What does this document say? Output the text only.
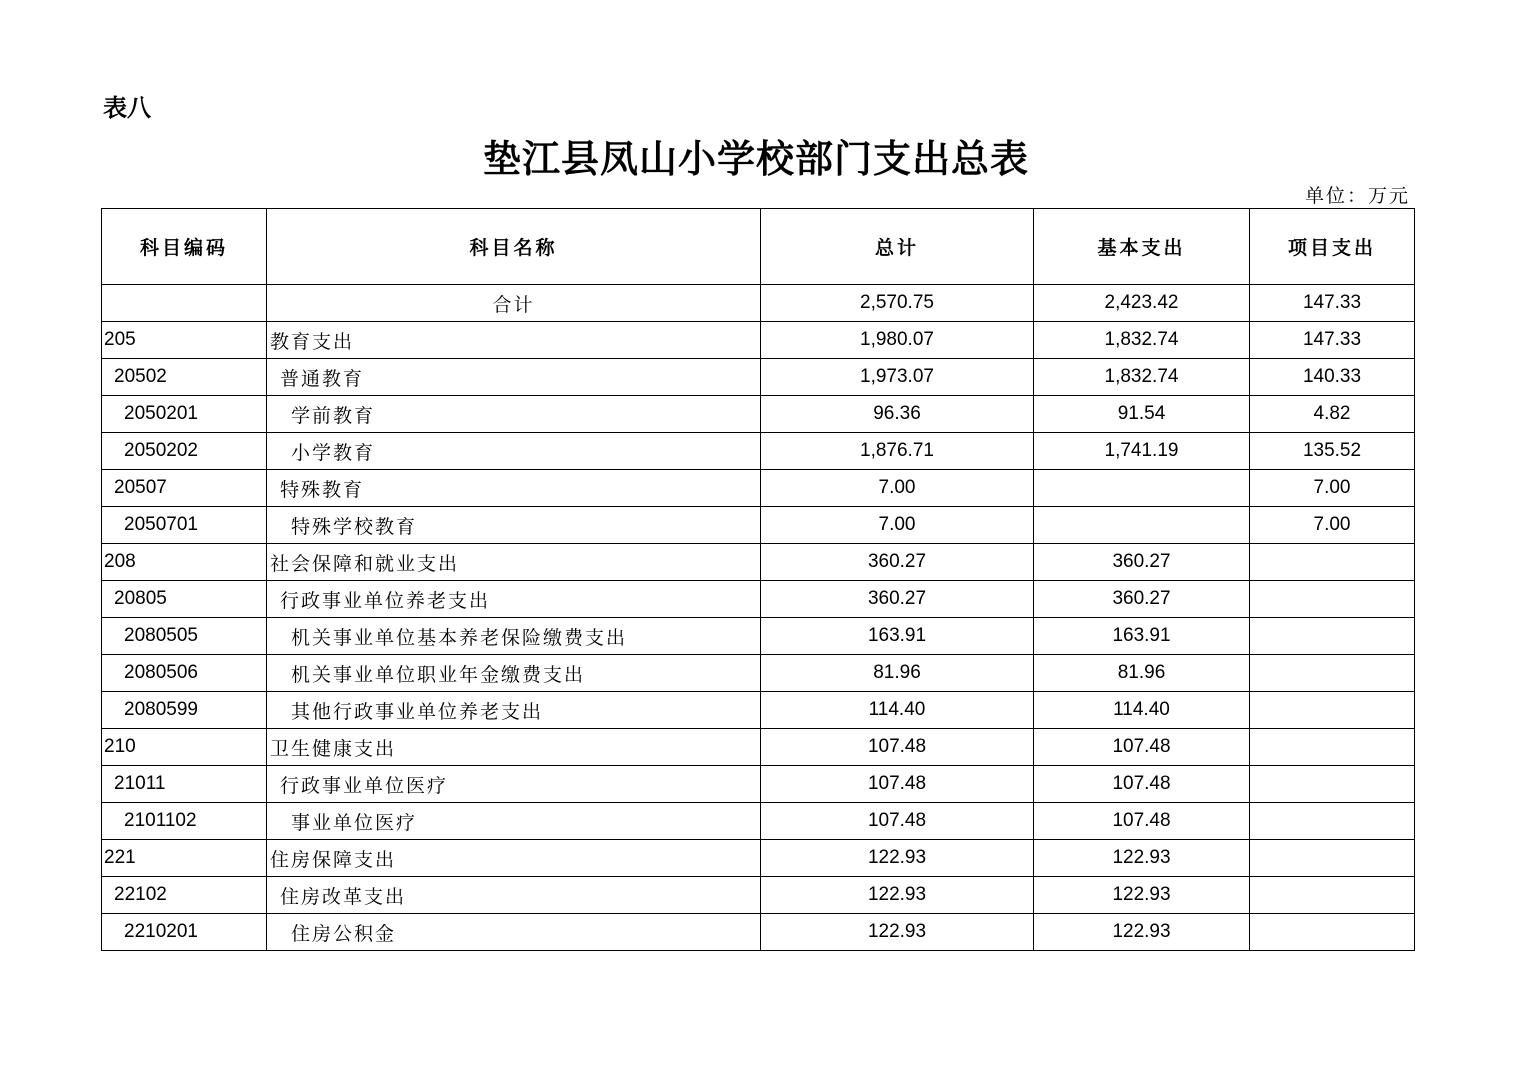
表八
垫江县凤山小学校部门支出总表
单位：万元
科目编码	科目名称	总计	基本支出	项目支出
	合计	2,570.75	2,423.42	147.33
205	教育支出	1,980.07	1,832.74	147.33
20502	普通教育	1,973.07	1,832.74	140.33
2050201	学前教育	96.36	91.54	4.82
2050202	小学教育	1,876.71	1,741.19	135.52
20507	特殊教育	7.00		7.00
2050701	特殊学校教育	7.00		7.00
208	社会保障和就业支出	360.27	360.27	
20805	行政事业单位养老支出	360.27	360.27	
2080505	机关事业单位基本养老保险缴费支出	163.91	163.91	
2080506	机关事业单位职业年金缴费支出	81.96	81.96	
2080599	其他行政事业单位养老支出	114.40	114.40	
210	卫生健康支出	107.48	107.48	
21011	行政事业单位医疗	107.48	107.48	
2101102	事业单位医疗	107.48	107.48	
221	住房保障支出	122.93	122.93	
22102	住房改革支出	122.93	122.93	
2210201	住房公积金	122.93	122.93	
